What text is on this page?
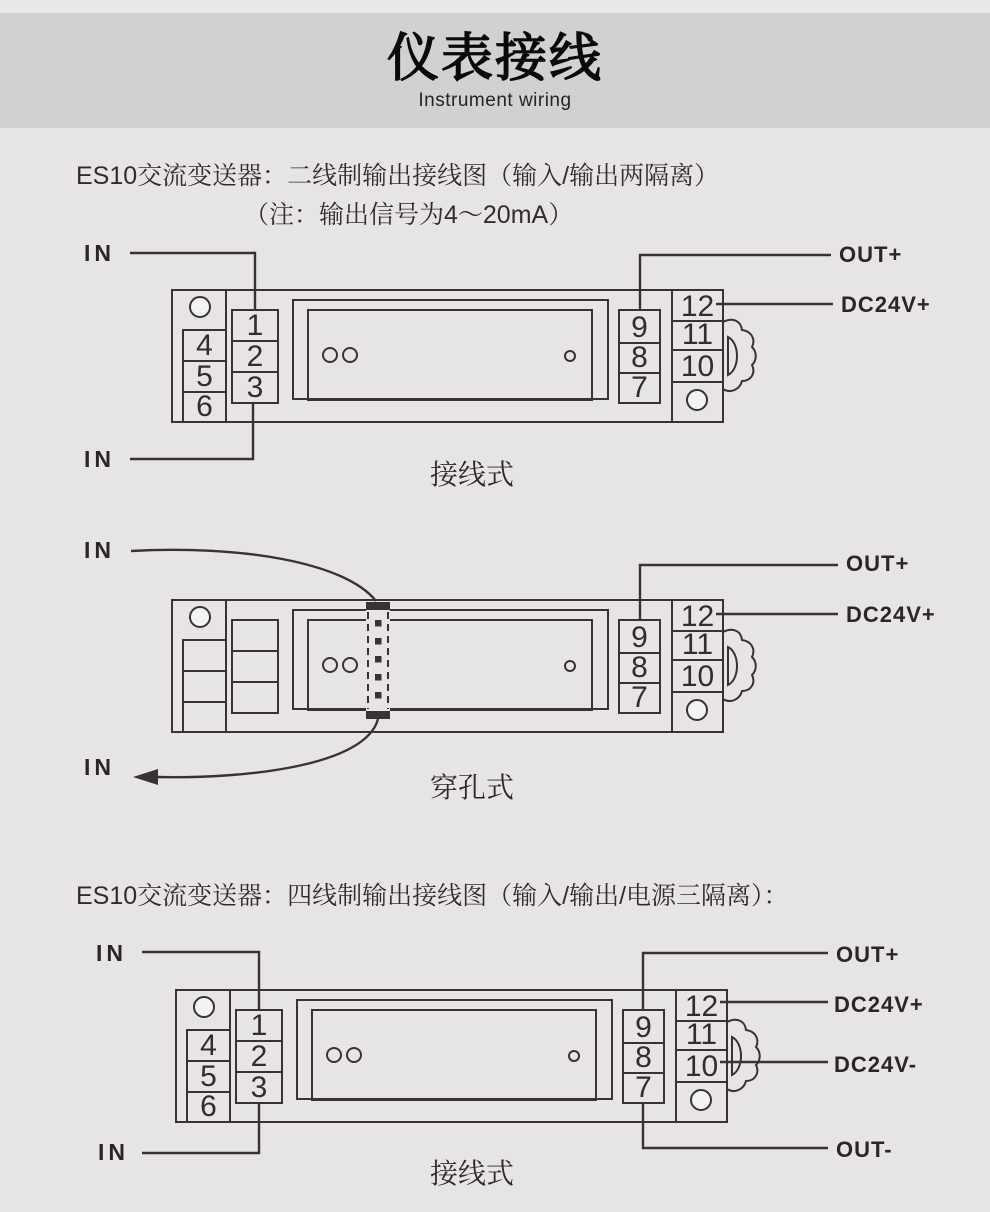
仪表接线
Instrument wiring
ES10交流变送器：二线制输出接线图（输入/输出两隔离）
（注：输出信号为4～20mA）
ES10交流变送器：四线制输出接线图（输入/输出/电源三隔离）：
4
5
6
1
2
3
9
8
7
12
11
10
9
8
7
12
11
10
4
5
6
1
2
3
9
8
7
12
11
10
IN
IN
OUT+
DC24V+
接线式
IN
IN
OUT+
DC24V+
穿孔式
IN
IN
OUT+
DC24V+
DC24V-
OUT-
接线式
